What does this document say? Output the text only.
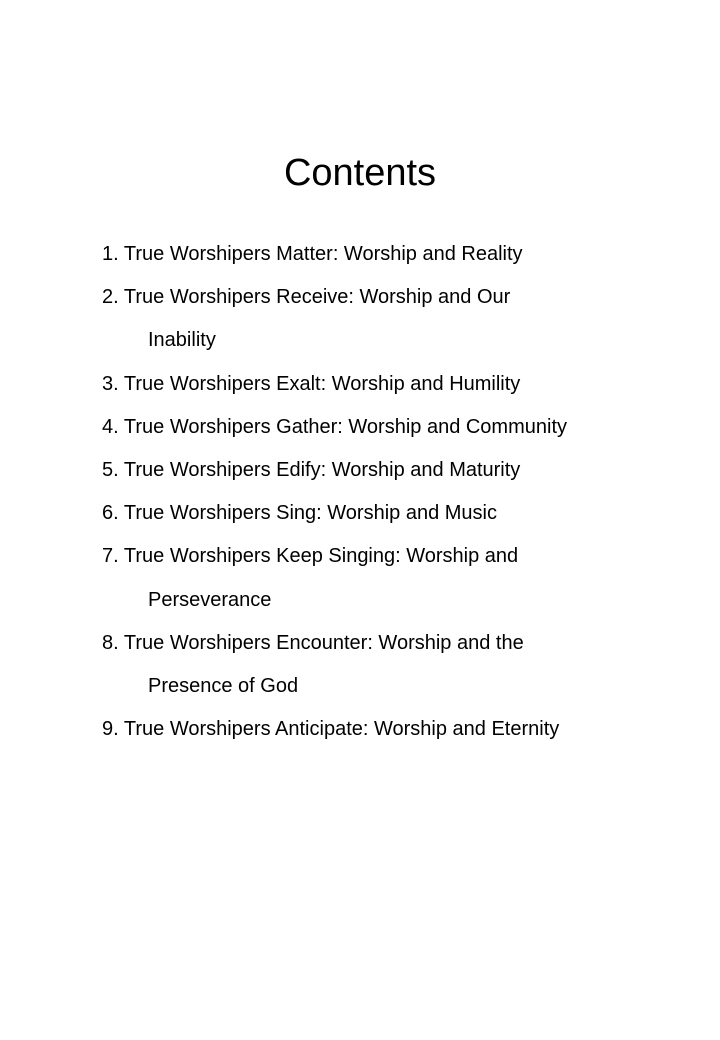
Contents
1. True Worshipers Matter: Worship and Reality
2. True Worshipers Receive: Worship and Our
Inability
3. True Worshipers Exalt: Worship and Humility
4. True Worshipers Gather: Worship and Community
5. True Worshipers Edify: Worship and Maturity
6. True Worshipers Sing: Worship and Music
7. True Worshipers Keep Singing: Worship and
Perseverance
8. True Worshipers Encounter: Worship and the
Presence of God
9. True Worshipers Anticipate: Worship and Eternity
